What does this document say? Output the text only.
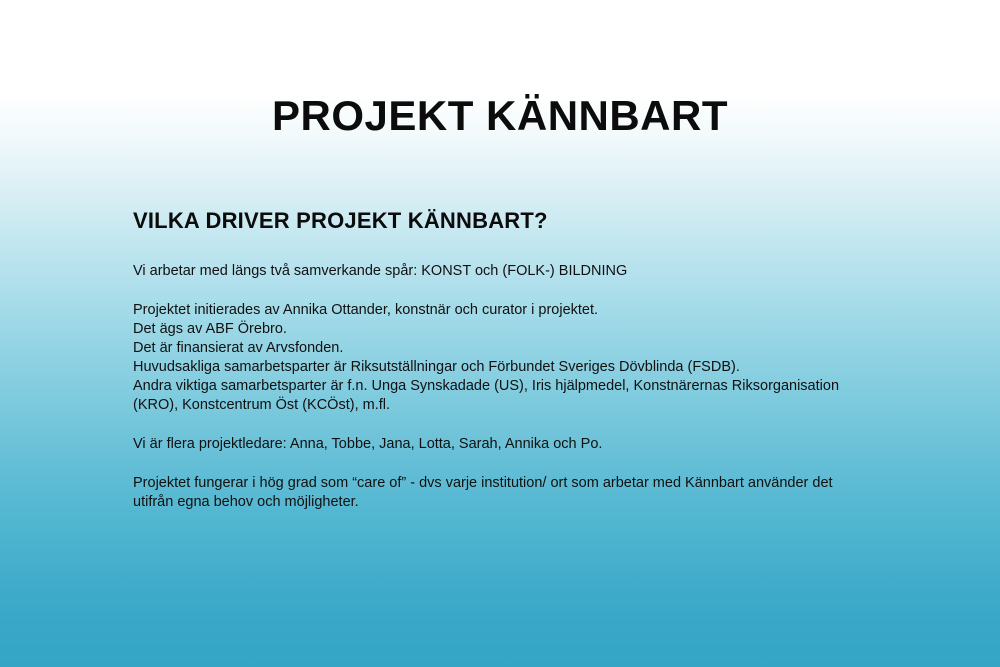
PROJEKT KÄNNBART
VILKA DRIVER PROJEKT KÄNNBART?
Vi arbetar med längs två samverkande spår: KONST och (FOLK-) BILDNING
Projektet initierades av Annika Ottander, konstnär och curator i projektet.
Det ägs av ABF Örebro.
Det är finansierat av Arvsfonden.
Huvudsakliga samarbetsparter är Riksutställningar och Förbundet Sveriges Dövblinda (FSDB).
Andra viktiga samarbetsparter är f.n. Unga Synskadade (US), Iris hjälpmedel, Konstnärernas Riksorganisation
(KRO), Konstcentrum Öst (KCÖst), m.fl.
Vi är flera projektledare: Anna, Tobbe, Jana, Lotta, Sarah, Annika och Po.
Projektet fungerar i hög grad som “care of” - dvs varje institution/ ort som arbetar med Kännbart använder det
utifrån egna behov och möjligheter.
